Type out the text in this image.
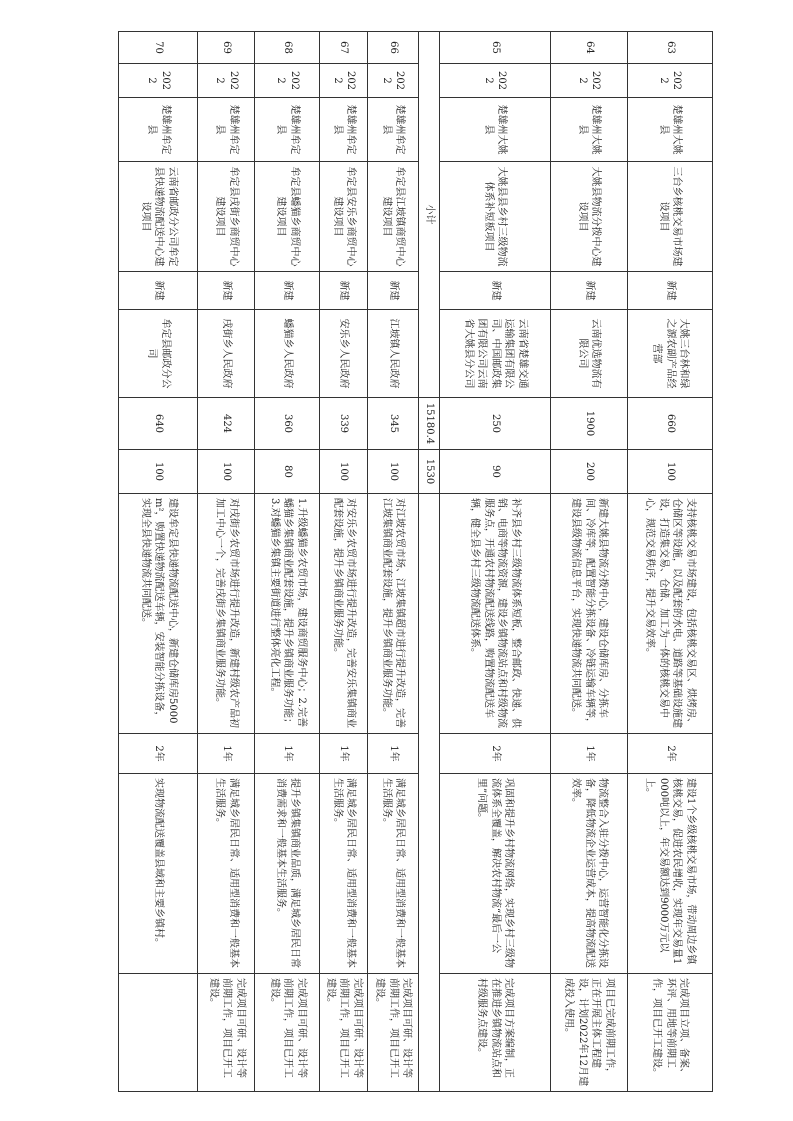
63	2022	楚雄州大姚县	三台乡核桃交易市场建设项目	新建	大姚三台林和绿之源农副产品经营部	660	100	支持核桃交易市场建设，包括核桃交易区、烘烤房、仓储区等设施，以及配套的水电、道路等基础设施建设，打造集交易、仓储、加工为一体的核桃交易中心，规范交易秩序，提升交易效率。	2年	建设1个乡级核桃交易市场，带动周边乡镇核桃交易，促进农民增收，实现年交易量1000吨以上，年交易额达到9000万元以上。	完成项目立项、备案、环评、用地等前期工作，项目已开工建设。
64	2022	楚雄州大姚县	大姚县物流分拨中心建设项目	新建	云南优选物流有限公司	1900	200	新建大姚县物流分拨中心，建设仓储库房、分拣车间、冷库等，配置智能分拣设备、冷链运输车辆等，建设县级物流信息平台，实现快递物流共同配送。	1年	物流整合入驻分拨中心，运营智能化分拣设备，降低物流企业运营成本，提高物流配送效率。	项目已完成前期工作，正在开展主体工程建设，计划2022年12月建成投入使用。
65	2022	楚雄州大姚县	大姚县县乡村三级物流体系补短板项目	新建	云南省楚雄交通运输集团有限公司、中国邮政集团有限公司云南省大姚县分公司	250	90	补齐县乡村三级物流体系短板，整合邮政、快递、供销、电商等物流资源，建设乡镇物流站点和村级物流服务点，开通农村物流配送线路，购置物流配送车辆，健全县乡村三级物流配送体系。	2年	巩固和提升乡村物流网络，实现乡村三级物流体系全覆盖，解决农村物流“最后一公里”问题。	完成项目方案编制，正在推进乡镇物流站点和村级服务点建设。
小计						15180.4	1530				
66	2022	楚雄州牟定县	牟定县江坡镇商贸中心建设项目	新建	江坡镇人民政府	345	100	对江坡农贸市场、江坡集镇超市进行提升改造，完善江坡集镇商业配套设施，提升乡镇商业服务功能。	1年	满足城乡居民日常、适用型消费和一般基本生活服务。	完成项目可研、设计等前期工作，项目已开工建设。
67	2022	楚雄州牟定县	牟定县安乐乡商贸中心建设项目	新建	安乐乡人民政府	339	100	对安乐乡农贸市场进行提升改造，完善安乐集镇商业配套设施，提升乡镇商业服务功能。	1年	满足城乡居民日常、适用型消费和一般基本生活服务。	完成项目可研、设计等前期工作，项目已开工建设。
68	2022	楚雄州牟定县	牟定县蟠猫乡商贸中心建设项目	新建	蟠猫乡人民政府	360	80	1.升级蟠猫乡农贸市场，建设商贸服务中心；2.完善蟠猫乡集镇商业配套设施，提升乡镇商业服务功能；3.对蟠猫乡集镇主要街道进行整体亮化工程。	1年	提升乡镇集镇商业品质，满足城乡居民日常消费需求和一般基本生活服务。	完成项目可研、设计等前期工作，项目已开工建设。
69	2022	楚雄州牟定县	牟定县戌街乡商贸中心建设项目	新建	戌街乡人民政府	424	100	对戌街乡农贸市场进行提升改造，新建村级农产品初加工中心一个，完善戌街乡集镇商业服务功能。	1年	满足城乡居民日常、适用型消费和一般基本生活服务。	完成项目可研、设计等前期工作，项目已开工建设。
70	2022	楚雄州牟定县	云南省邮政分公司牟定县快递物流配送中心建设项目	新建	牟定县邮政分公司	640	100	建设牟定县快递物流配送中心，新建仓储库房5000m²，购置快递物流配送车辆，安装智能分拣设备，实现全县快递物流共同配送。	2年	实现物流配送覆盖县域和主要乡镇村。	
